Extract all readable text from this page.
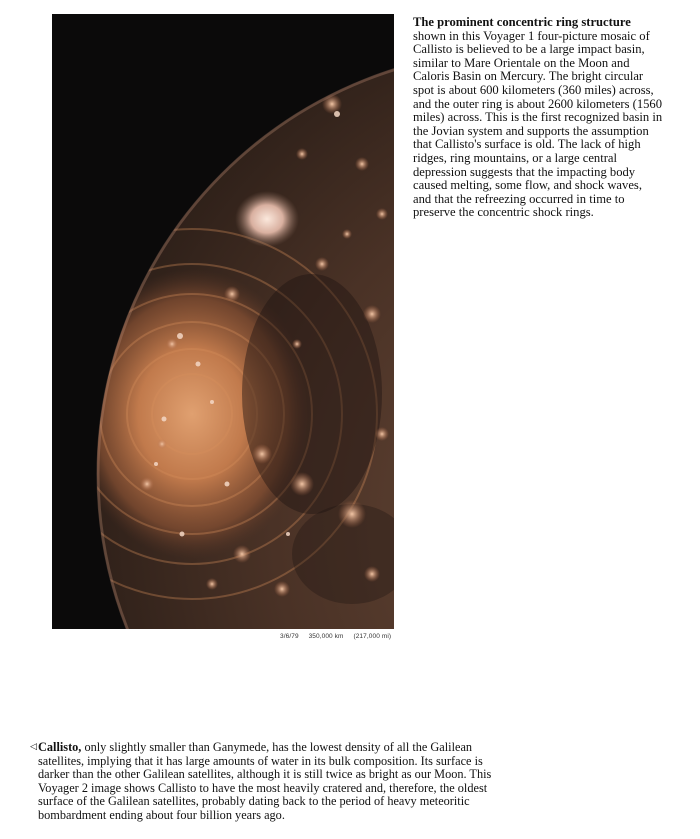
3/6/79 350,000 km (217,000 mi)
The prominent concentric ring structure shown in this Voyager 1 four-picture mosaic of Callisto is believed to be a large impact basin, similar to Mare Orientale on the Moon and Caloris Basin on Mercury. The bright circular spot is about 600 kilometers (360 miles) across, and the outer ring is about 2600 kilometers (1560 miles) across. This is the first recognized basin in the Jovian system and supports the assumption that Callisto's surface is old. The lack of high ridges, ring mountains, or a large central depression suggests that the impacting body caused melting, some flow, and shock waves, and that the refreezing occurred in time to preserve the concentric shock rings.
◁ Callisto, only slightly smaller than Ganymede, has the lowest density of all the Galilean satellites, implying that it has large amounts of water in its bulk composition. Its surface is darker than the other Galilean satellites, although it is still twice as bright as our Moon. This Voyager 2 image shows Callisto to have the most heavily cratered and, therefore, the oldest surface of the Galilean satellites, probably dating back to the period of heavy meteoritic bombardment ending about four billion years ago.
